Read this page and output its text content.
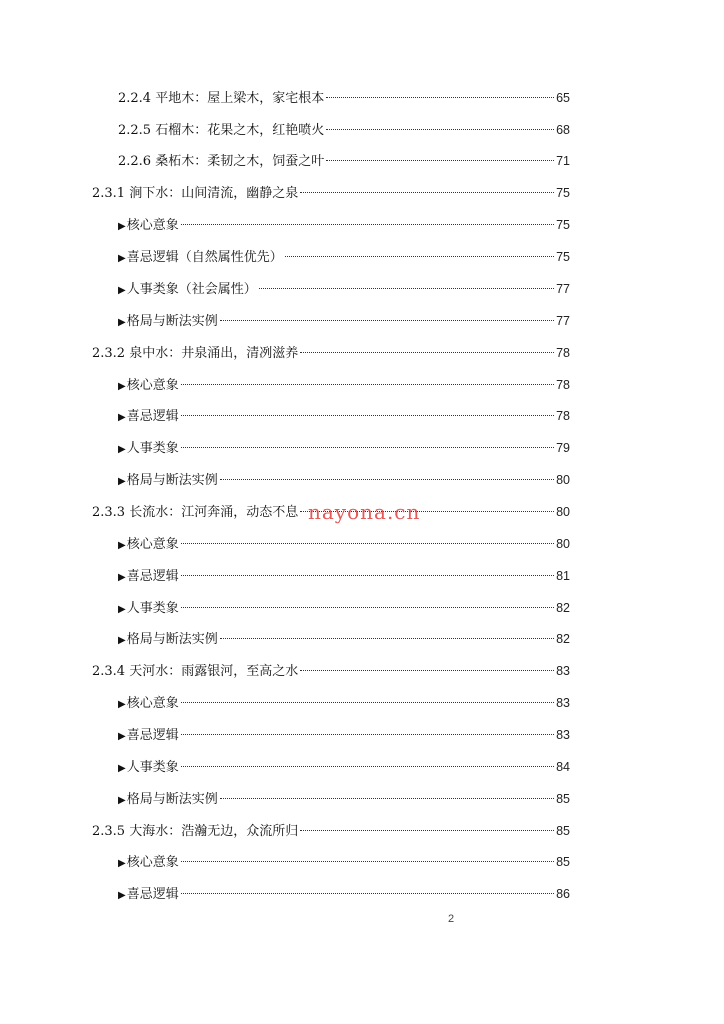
2.2.4 平地木：屋上梁木，家宅根本	65
2.2.5 石榴木：花果之木，红艳喷火	68
2.2.6 桑柘木：柔韧之木，饲蚕之叶	71
2.3.1 涧下水：山间清流，幽静之泉	75
▶核心意象	75
▶喜忌逻辑（自然属性优先）	75
▶人事类象（社会属性）	77
▶格局与断法实例	77
2.3.2 泉中水：井泉涌出，清冽滋养	78
▶核心意象	78
▶喜忌逻辑	78
▶人事类象	79
▶格局与断法实例	80
2.3.3 长流水：江河奔涌，动态不息	80
▶核心意象	80
▶喜忌逻辑	81
▶人事类象	82
▶格局与断法实例	82
2.3.4 天河水：雨露银河，至高之水	83
▶核心意象	83
▶喜忌逻辑	83
▶人事类象	84
▶格局与断法实例	85
2.3.5 大海水：浩瀚无边，众流所归	85
▶核心意象	85
▶喜忌逻辑	86
nayona.cn
2
